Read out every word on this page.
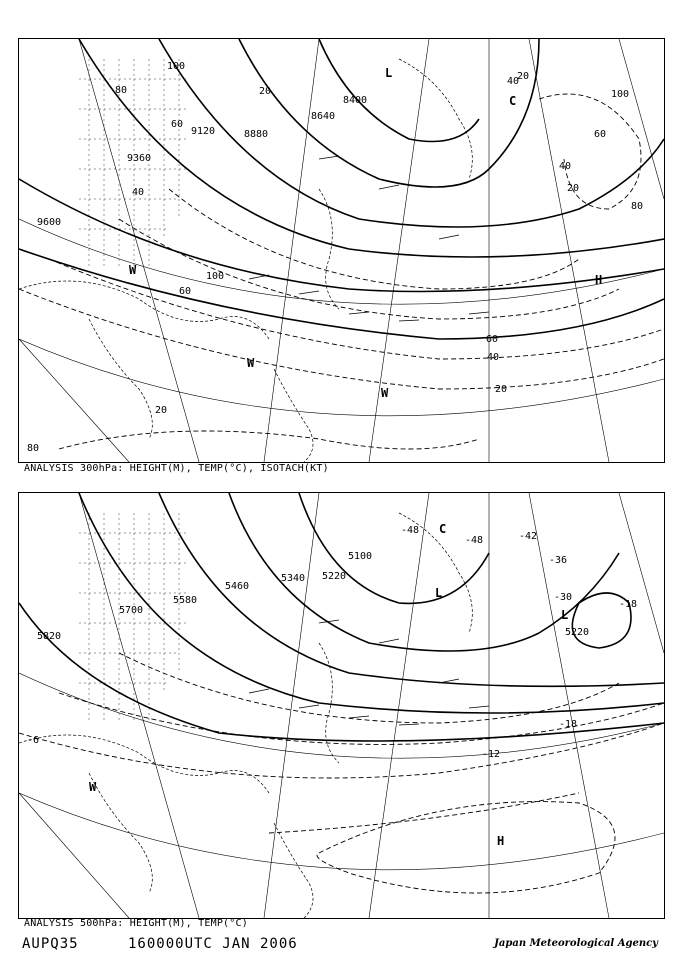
9600
9360
9120	8880
8640
8400
100
80
60
40
20
20
40
60
80
100
60
40
20
20
100
60
40
20
80
L
C
W
W
W
H
ANALYSIS 300hPa: HEIGHT(M), TEMP(°C), ISOTACH(KT)
5820
5700
5580
5460
5340 5220
5100
5220
-48
-48	-42
-36
-30
-18
-18
-12
-6
C
L
L
W
H
ANALYSIS 500hPa: HEIGHT(M), TEMP(°C)
AUPQ35	160000UTC JAN 2006	Japan Meteorological Agency
